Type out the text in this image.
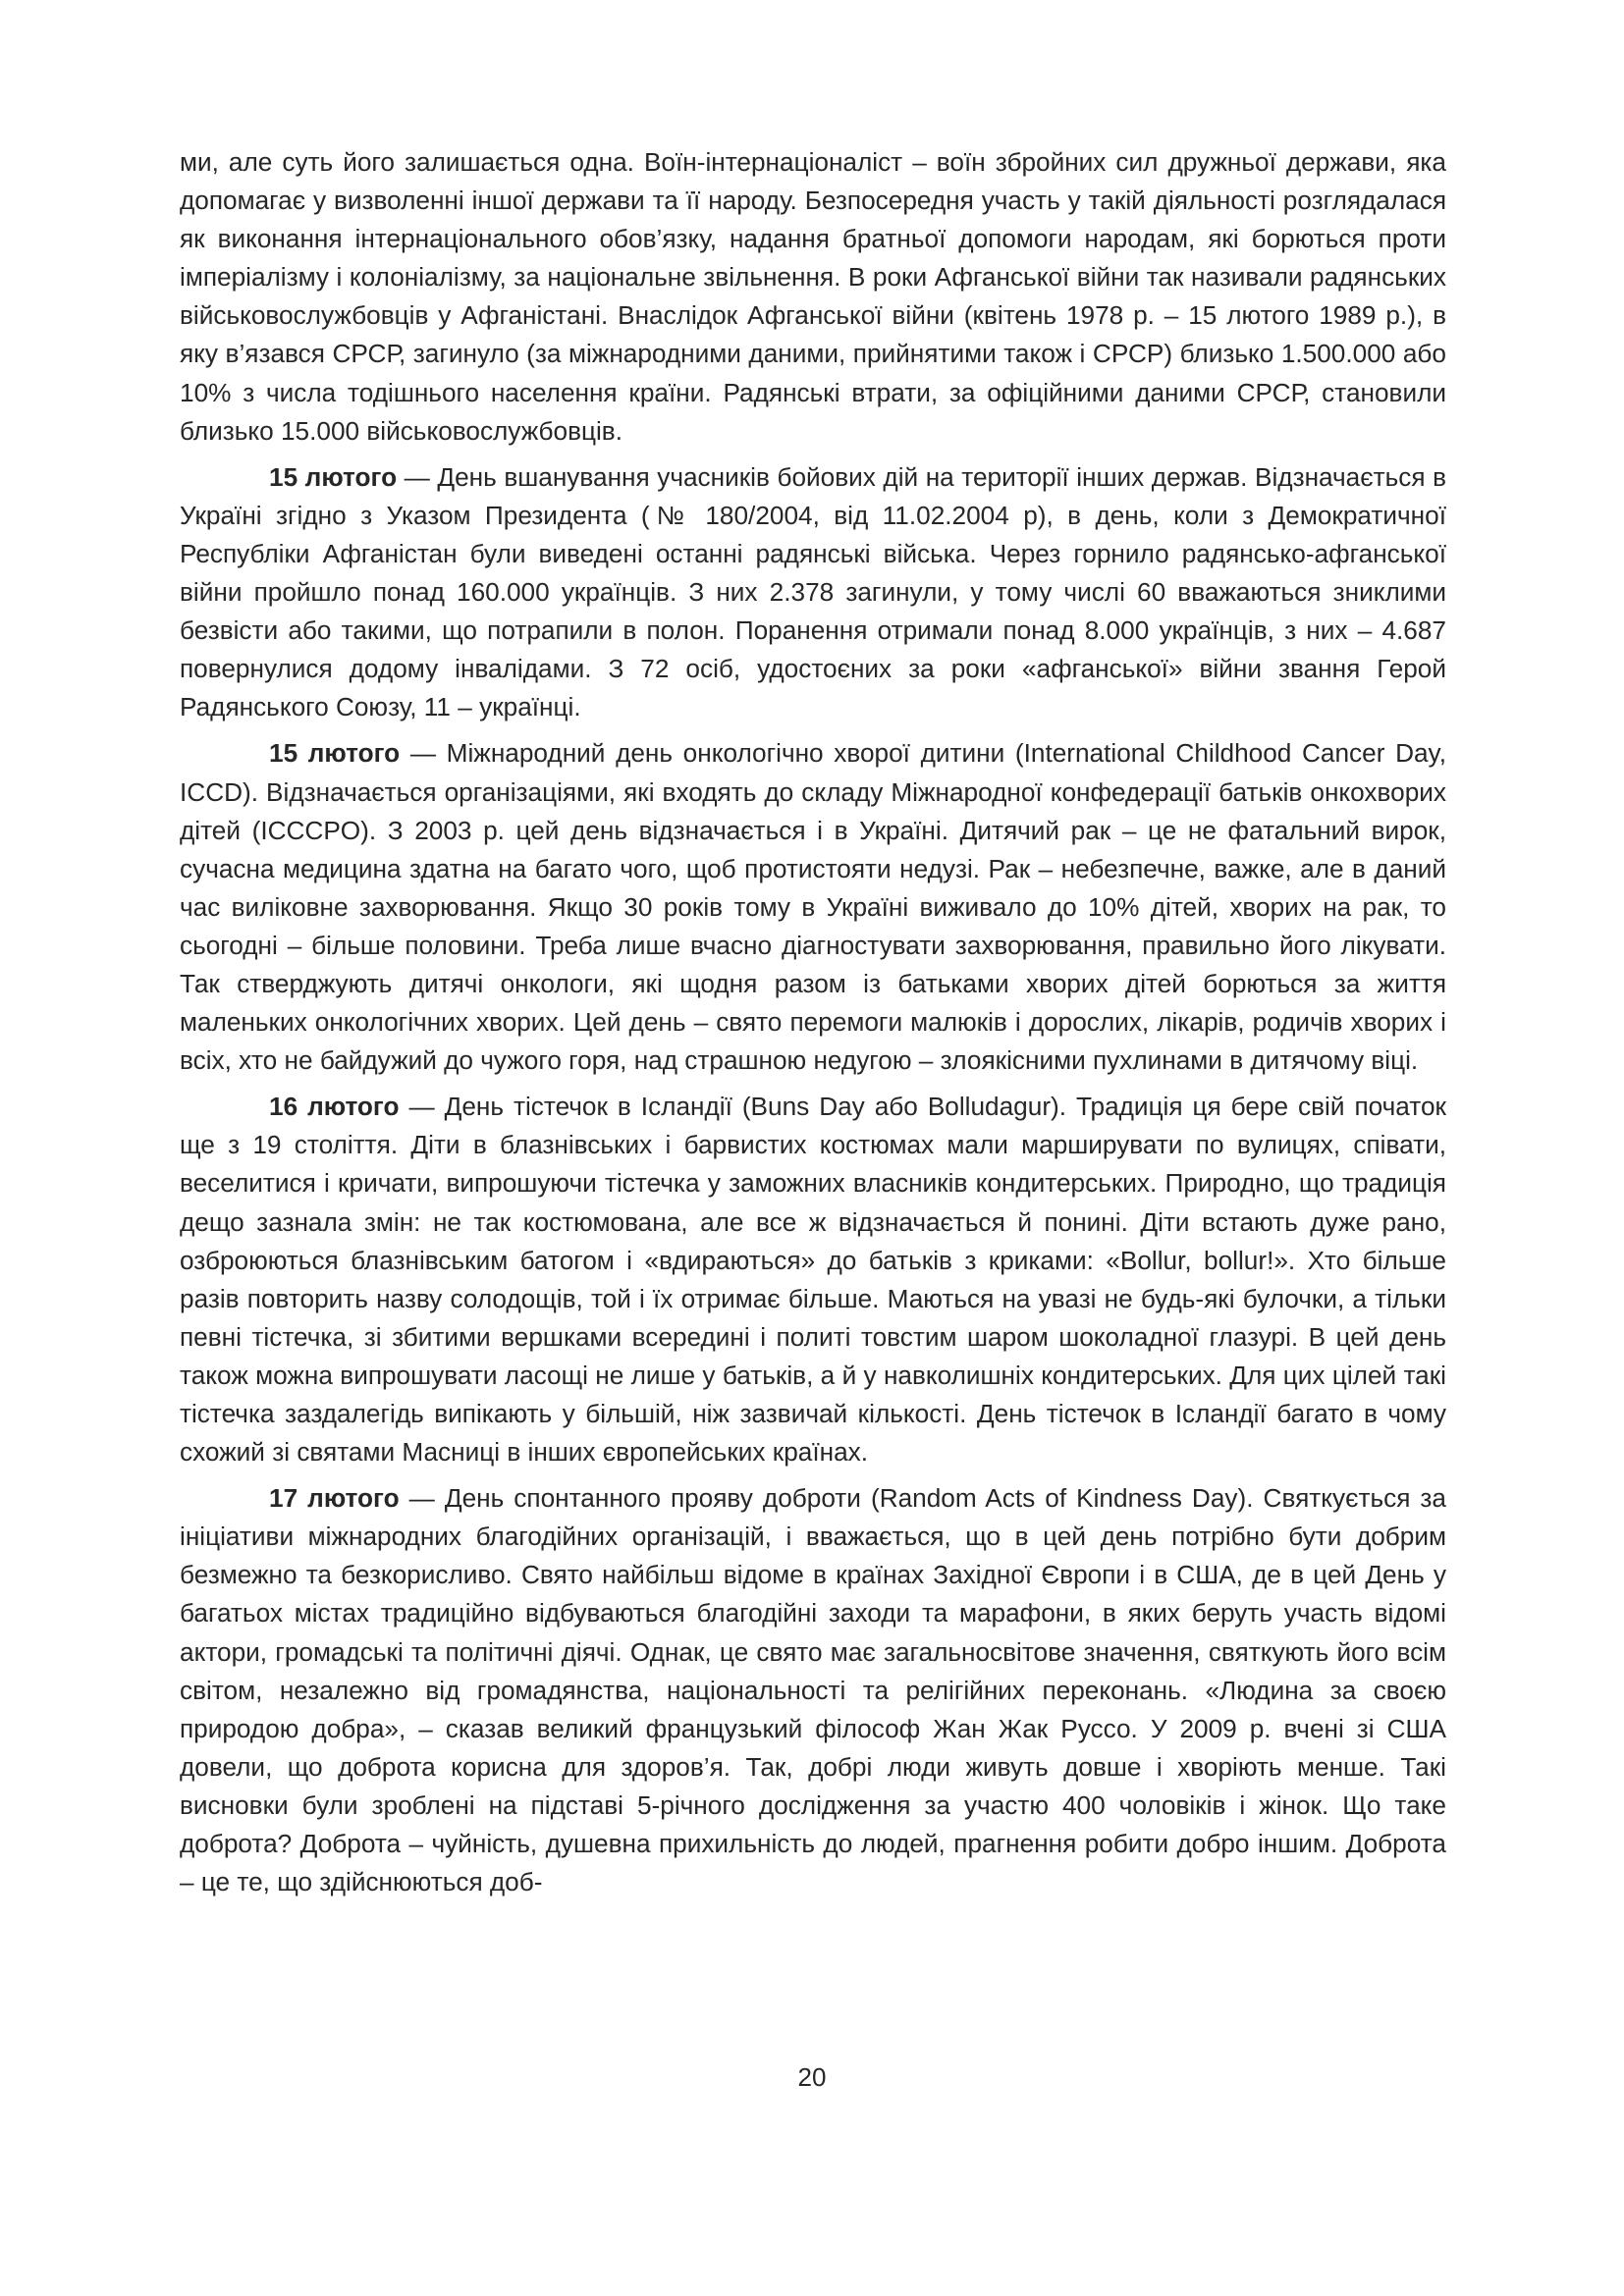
ми, але суть його залишається одна. Воїн-інтернаціоналіст – воїн збройних сил дружньої держави, яка допомагає у визволенні іншої держави та її народу. Безпосередня участь у такій діяльності розглядалася як виконання інтернаціонального обов’язку, надання братньої допомоги народам, які борються проти імперіалізму і колоніалізму, за національне звільнення. В роки Афганської війни так називали радянських військовослужбовців у Афганістані. Внаслідок Афганської війни (квітень 1978 р. – 15 лютого 1989 р.), в яку в’язався СРСР, загинуло (за міжнародними даними, прийнятими також і СРСР) близько 1.500.000 або 10% з числа тодішнього населення країни. Радянські втрати, за офіційними даними СРСР, становили близько 15.000 військовослужбовців.

15 лютого — День вшанування учасників бойових дій на території інших держав. Відзначається в Україні згідно з Указом Президента (№ 180/2004, від 11.02.2004 р), в день, коли з Демократичної Республіки Афганістан були виведені останні радянські війська. Через горнило радянсько-афганської війни пройшло понад 160.000 українців. З них 2.378 загинули, у тому числі 60 вважаються зниклими безвісти або такими, що потрапили в полон. Поранення отримали понад 8.000 українців, з них – 4.687 повернулися додому інвалідами. З 72 осіб, удостоєних за роки «афганської» війни звання Герой Радянського Союзу, 11 – українці.

15 лютого — Міжнародний день онкологічно хворої дитини (International Childhood Cancer Day, ICCD). Відзначається організаціями, які входять до складу Міжнародної конфедерації батьків онкохворих дітей (ICCCPO). З 2003 р. цей день відзначається і в Україні. Дитячий рак – це не фатальний вирок, сучасна медицина здатна на багато чого, щоб протистояти недузі. Рак – небезпечне, важке, але в даний час виліковне захворювання. Якщо 30 років тому в Україні виживало до 10% дітей, хворих на рак, то сьогодні – більше половини. Треба лише вчасно діагностувати захворювання, правильно його лікувати. Так стверджують дитячі онкологи, які щодня разом із батьками хворих дітей борються за життя маленьких онкологічних хворих. Цей день – свято перемоги малюків і дорослих, лікарів, родичів хворих і всіх, хто не байдужий до чужого горя, над страшною недугою – злоякісними пухлинами в дитячому віці.

16 лютого — День тістечок в Ісландії (Buns Day або Bolludagur). Традиція ця бере свій початок ще з 19 століття. Діти в блазнівських і барвистих костюмах мали марширувати по вулицях, співати, веселитися і кричати, випрошуючи тістечка у заможних власників кондитерських. Природно, що традиція дещо зазнала змін: не так костюмована, але все ж відзначається й понині. Діти встають дуже рано, озброюються блазнівським батогом і «вдираються» до батьків з криками: «Bollur, bollur!». Хто більше разів повторить назву солодощів, той і їх отримає більше. Маються на увазі не будь-які булочки, а тільки певні тістечка, зі збитими вершками всередині і политі товстим шаром шоколадної глазурі. В цей день також можна випрошувати ласощі не лише у батьків, а й у навколишніх кондитерських. Для цих цілей такі тістечка заздалегідь випікають у більшій, ніж зазвичай кількості. День тістечок в Ісландії багато в чому схожий зі святами Масниці в інших європейських країнах.

17 лютого — День спонтанного прояву доброти (Random Acts of Kindness Day). Святкується за ініціативи міжнародних благодійних організацій, і вважається, що в цей день потрібно бути добрим безмежно та безкорисливо. Свято найбільш відоме в країнах Західної Європи і в США, де в цей День у багатьох містах традиційно відбуваються благодійні заходи та марафони, в яких беруть участь відомі актори, громадські та політичні діячі. Однак, це свято має загальносвітове значення, святкують його всім світом, незалежно від громадянства, національності та релігійних переконань. «Людина за своєю природою добра», – сказав великий французький філософ Жан Жак Руссо. У 2009 р. вчені зі США довели, що доброта корисна для здоров’я. Так, добрі люди живуть довше і хворіють менше. Такі висновки були зроблені на підставі 5-річного дослідження за участю 400 чоловіків і жінок. Що таке доброта? Доброта – чуйність, душевна прихильність до людей, прагнення робити добро іншим. Доброта – це те, що здійснюються доб-

20
